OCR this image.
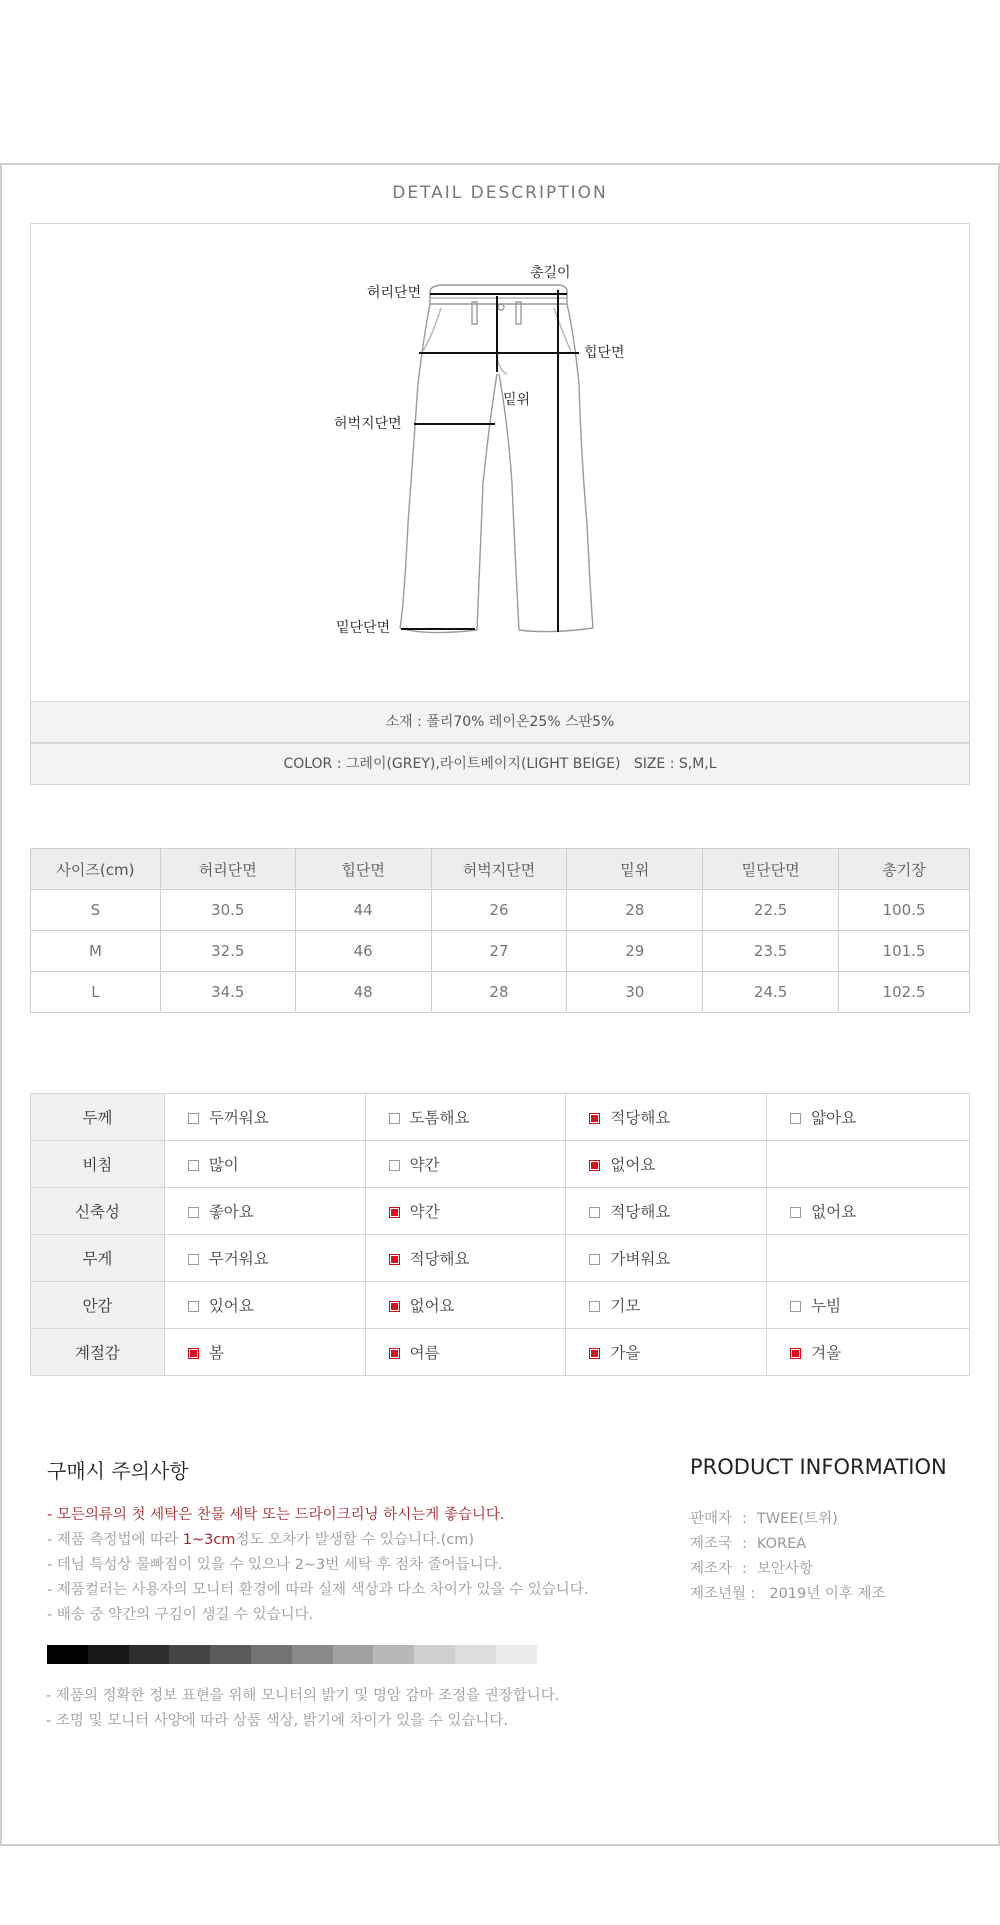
DETAIL DESCRIPTION
허리단면
총길이
힙단면
밑위
허벅지단면
밑단단면
소재 : 폴리70% 레이온25% 스판5%
COLOR : 그레이(GREY),라이트베이지(LIGHT BEIGE)   SIZE : S,M,L
사이즈(cm)	허리단면	힙단면	허벅지단면	밑위	밑단단면	총기장
S	30.5	44	26	28	22.5	100.5
M	32.5	46	27	29	23.5	101.5
L	34.5	48	28	30	24.5	102.5
두께	두꺼워요	도톰해요	적당해요	얇아요
비침	많이	약간	없어요	
신축성	좋아요	약간	적당해요	없어요
무게	무거워요	적당해요	가벼워요	
안감	있어요	없어요	기모	누빔
계절감	봄	여름	가을	겨울
구매시 주의사항
- 모든의류의 첫 세탁은 찬물 세탁 또는 드라이크리닝 하시는게 좋습니다.
- 제품 측정법에 따라 1~3cm정도 오차가 발생할 수 있습니다.(cm)
- 데님 특성상 물빠짐이 있을 수 있으나 2~3번 세탁 후 점차 줄어듭니다.
- 제품컬러는 사용자의 모니터 환경에 따라 실제 색상과 다소 차이가 있을 수 있습니다.
- 배송 중 약간의 구김이 생길 수 있습니다.
- 제품의 정확한 정보 표현을 위해 모니터의 밝기 및 명암 감마 조정을 권장합니다.
- 조명 및 모니터 사양에 따라 상품 색상, 밝기에 차이가 있을 수 있습니다.
PRODUCT INFORMATION
판매자 : TWEE(트위)
제조국 : KOREA
제조자 : 보안사항
제조년월 : 2019년 이후 제조
